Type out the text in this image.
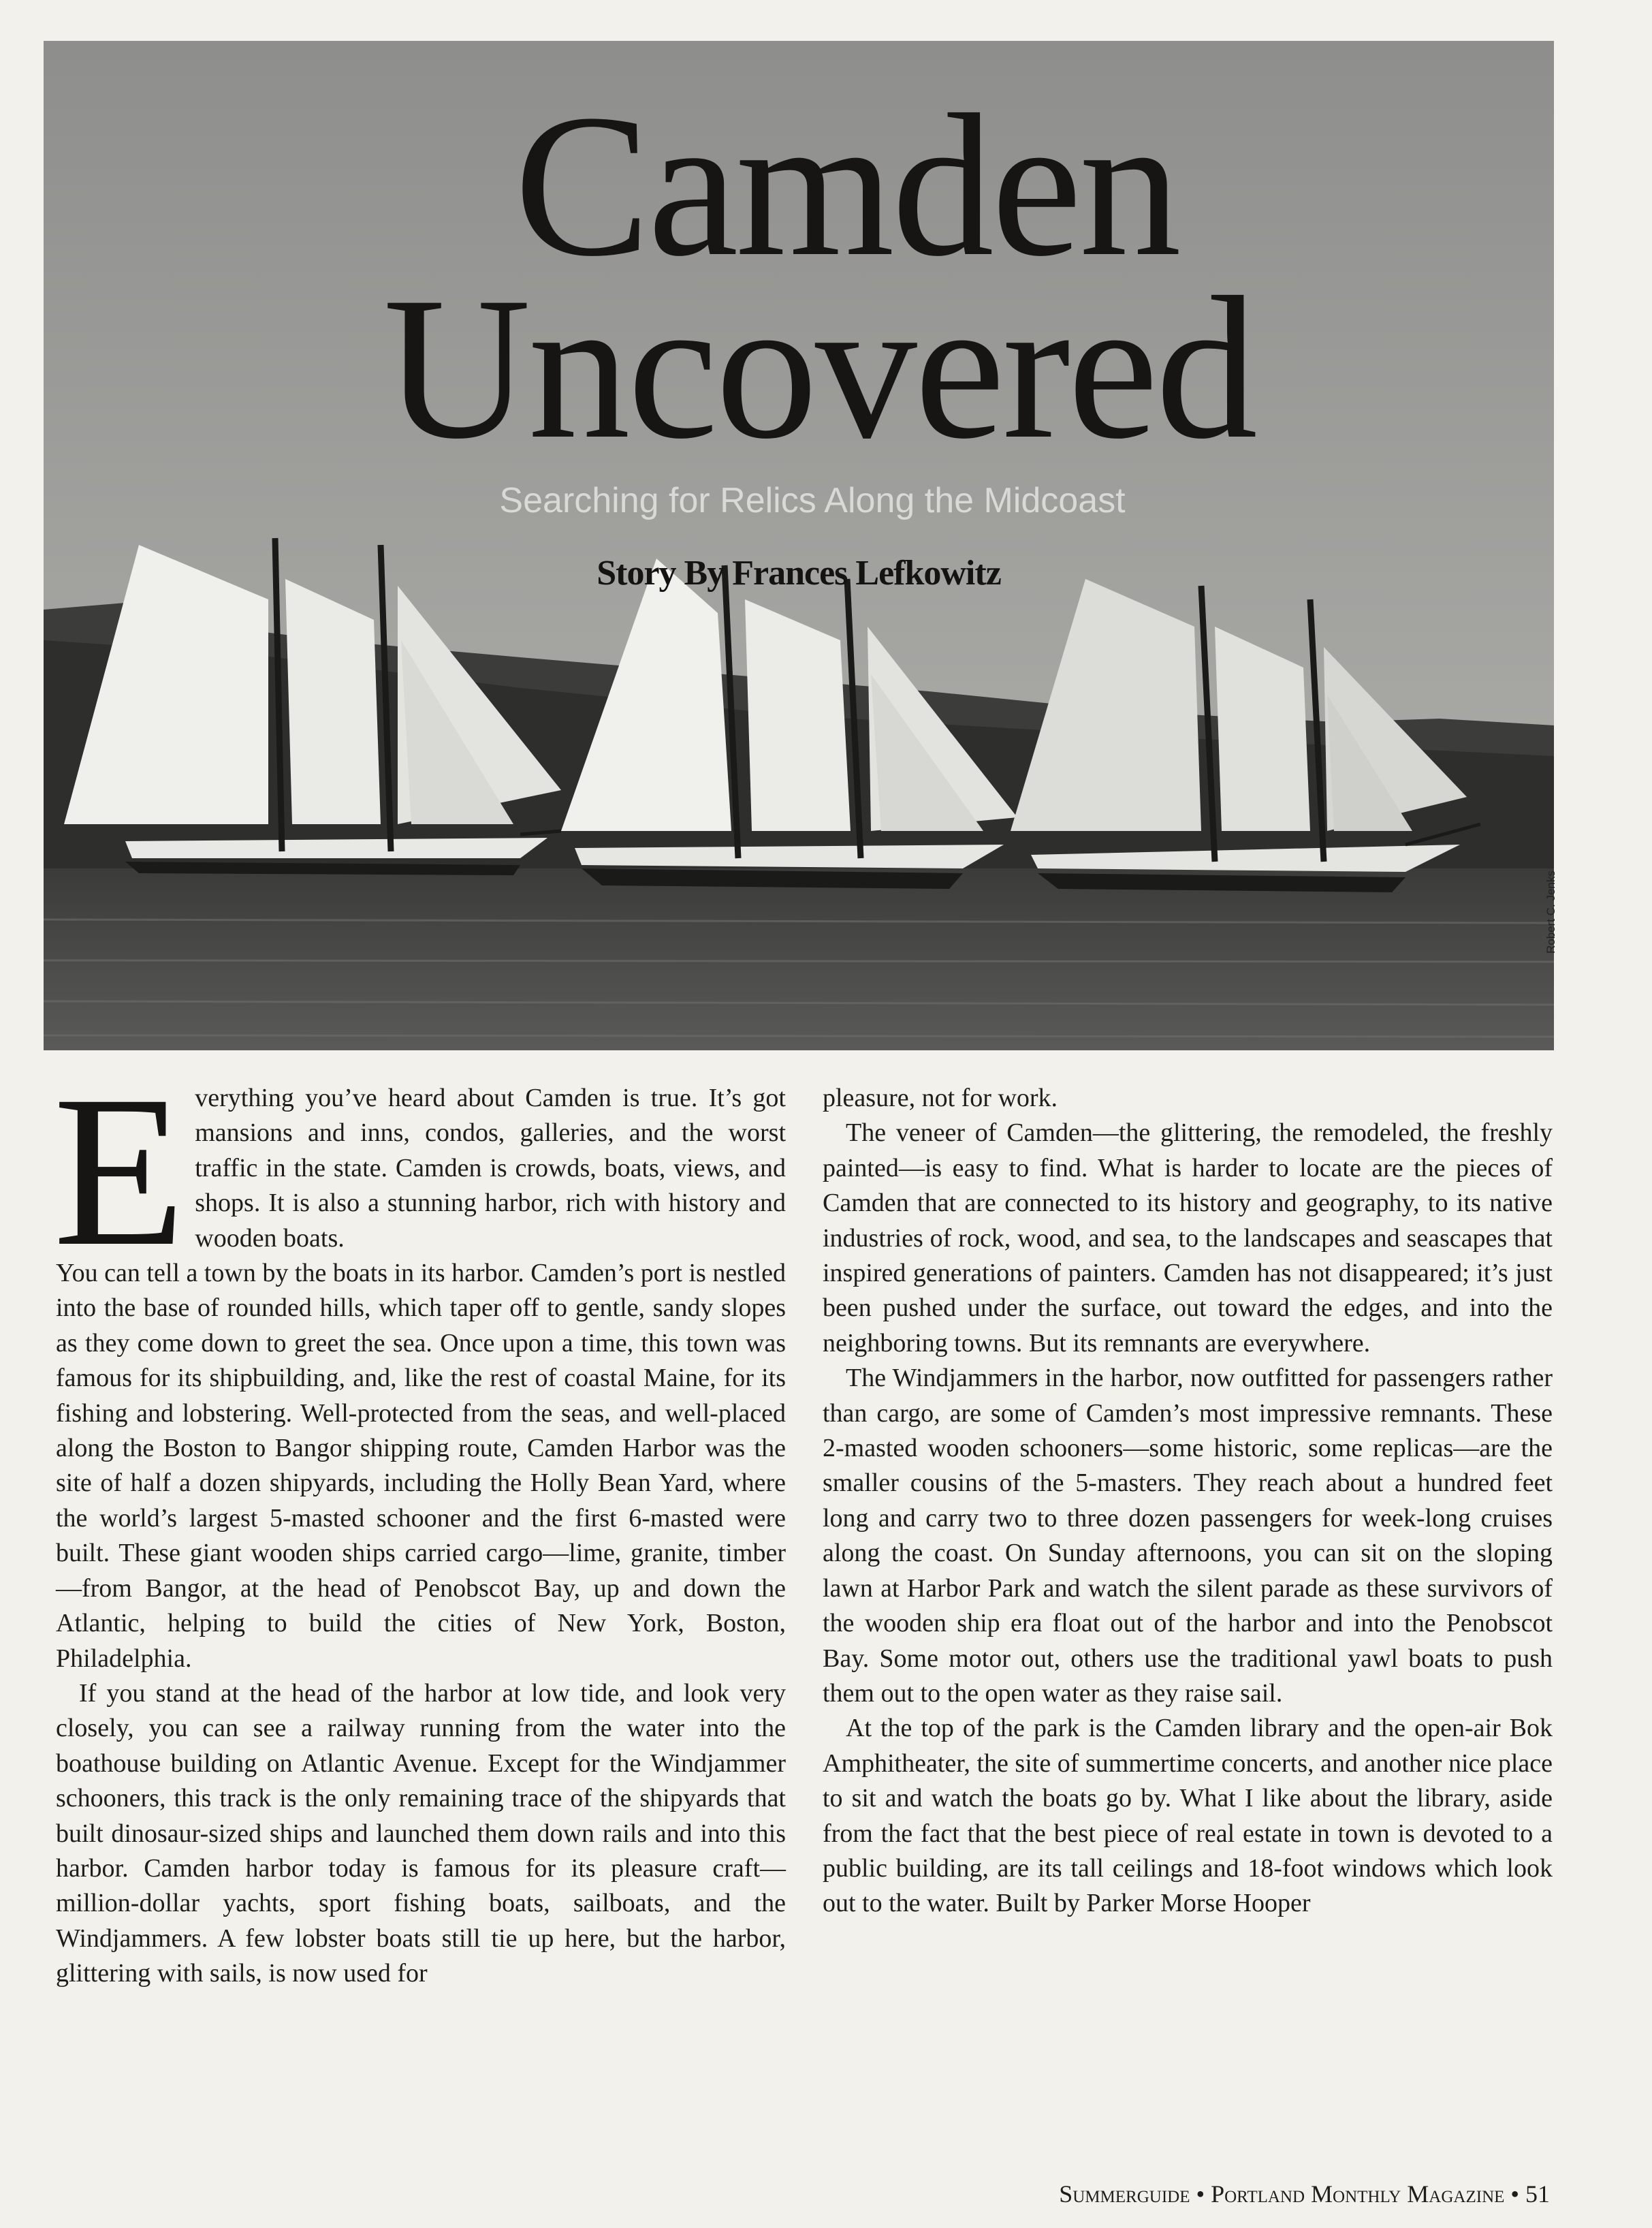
Camden
Uncovered
Searching for Relics Along the Midcoast
Story By Frances Lefkowitz
Robert C. Jenks
E verything you’ve heard about Camden is true. It’s got mansions and inns, condos, galleries, and the worst traffic in the state. Camden is crowds, boats, views, and shops. It is also a stunning harbor, rich with history and wooden boats.

You can tell a town by the boats in its harbor. Camden’s port is nestled into the base of rounded hills, which taper off to gentle, sandy slopes as they come down to greet the sea. Once upon a time, this town was famous for its shipbuilding, and, like the rest of coastal Maine, for its fishing and lobstering. Well-protected from the seas, and well-placed along the Boston to Bangor shipping route, Camden Harbor was the site of half a dozen shipyards, including the Holly Bean Yard, where the world’s largest 5-masted schooner and the first 6-masted were built. These giant wooden ships carried cargo—lime, granite, timber—from Bangor, at the head of Penobscot Bay, up and down the Atlantic, helping to build the cities of New York, Boston, Philadelphia.

If you stand at the head of the harbor at low tide, and look very closely, you can see a railway running from the water into the boathouse building on Atlantic Avenue. Except for the Windjammer schooners, this track is the only remaining trace of the shipyards that built dinosaur-sized ships and launched them down rails and into this harbor. Camden harbor today is famous for its pleasure craft—million-dollar yachts, sport fishing boats, sailboats, and the Windjammers. A few lobster boats still tie up here, but the harbor, glittering with sails, is now used for

pleasure, not for work.

The veneer of Camden—the glittering, the remodeled, the freshly painted—is easy to find. What is harder to locate are the pieces of Camden that are connected to its history and geography, to its native industries of rock, wood, and sea, to the landscapes and seascapes that inspired generations of painters. Camden has not disappeared; it’s just been pushed under the surface, out toward the edges, and into the neighboring towns. But its remnants are everywhere.

The Windjammers in the harbor, now outfitted for passengers rather than cargo, are some of Camden’s most impressive remnants. These 2-masted wooden schooners—some historic, some replicas—are the smaller cousins of the 5-masters. They reach about a hundred feet long and carry two to three dozen passengers for week-long cruises along the coast. On Sunday afternoons, you can sit on the sloping lawn at Harbor Park and watch the silent parade as these survivors of the wooden ship era float out of the harbor and into the Penobscot Bay. Some motor out, others use the traditional yawl boats to push them out to the open water as they raise sail.

At the top of the park is the Camden library and the open-air Bok Amphitheater, the site of summertime concerts, and another nice place to sit and watch the boats go by. What I like about the library, aside from the fact that the best piece of real estate in town is devoted to a public building, are its tall ceilings and 18-foot windows which look out to the water. Built by Parker Morse Hooper

Summerguide • Portland Monthly Magazine • 51
